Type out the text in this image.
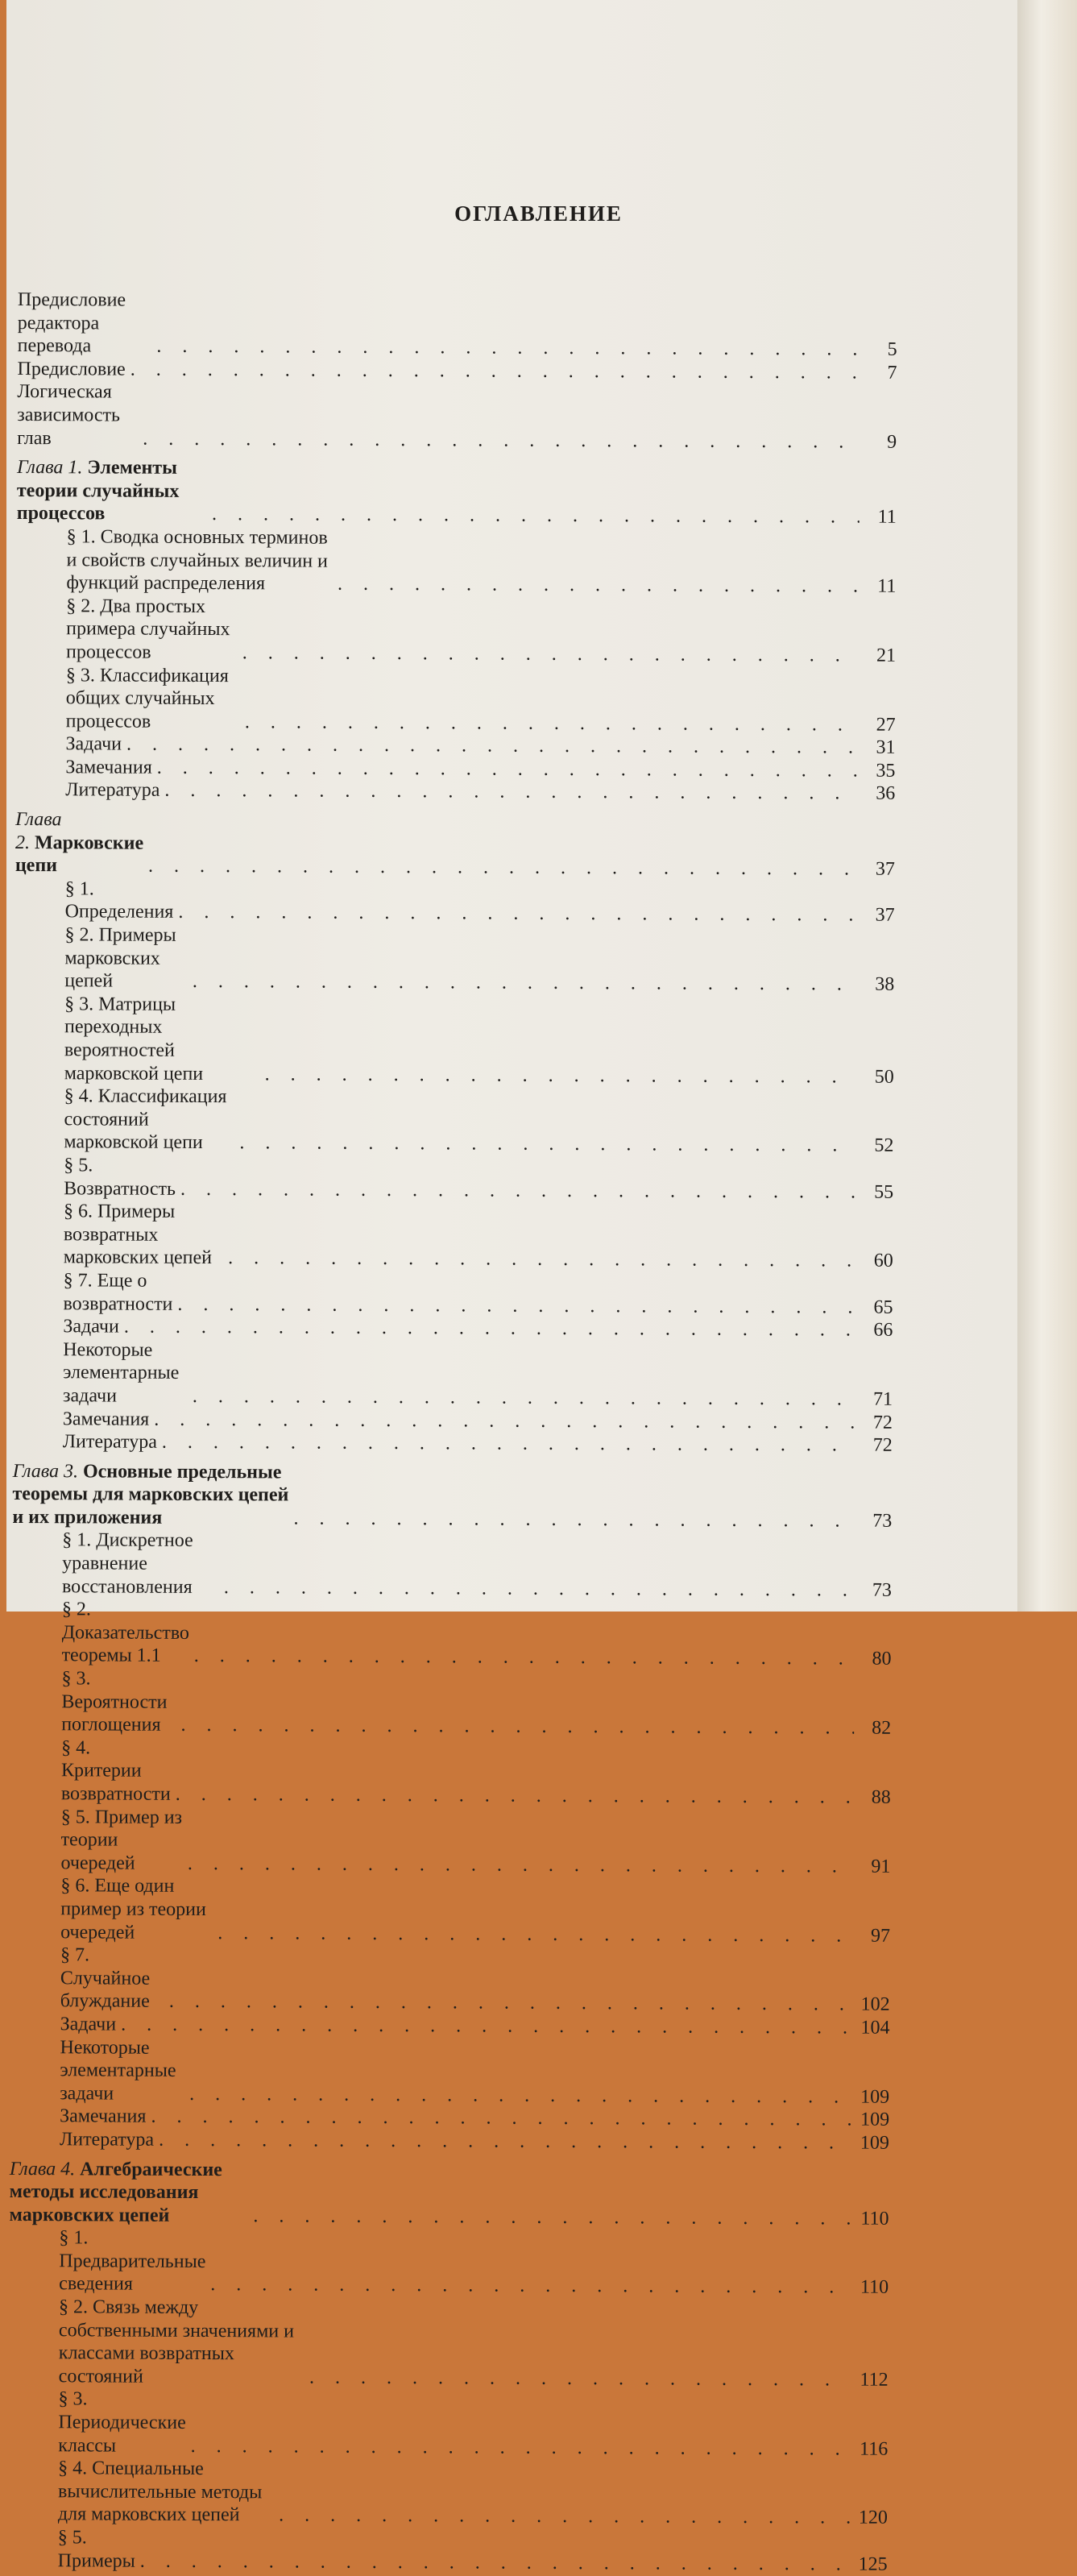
ОГЛАВЛЕНИЕ
Предисловие редактора перевода . . .	5
Предисловие . . .	7
Логическая зависимость глав . . .	9
Глава 1. Элементы теории случайных процессов . . .	11
§ 1. Сводка основных терминов и свойств случайных величин и функций распределения . . .	11
§ 2. Два простых примера случайных процессов . . .	21
§ 3. Классификация общих случайных процессов . . .	27
Задачи . . .	31
Замечания . . .	35
Литература . . .	36
Глава 2. Марковские цепи . . .	37
§ 1. Определения . . .	37
§ 2. Примеры марковских цепей . . .	38
§ 3. Матрицы переходных вероятностей марковской цепи . . .	50
§ 4. Классификация состояний марковской цепи . . .	52
§ 5. Возвратность . . .	55
§ 6. Примеры возвратных марковских цепей . . .	60
§ 7. Еще о возвратности . . .	65
Задачи . . .	66
Некоторые элементарные задачи . . .	71
Замечания . . .	72
Литература . . .	72
Глава 3. Основные предельные теоремы для марковских цепей и их приложения . . .	73
§ 1. Дискретное уравнение восстановления . . .	73
§ 2. Доказательство теоремы 1.1 . . .	80
§ 3. Вероятности поглощения . . .	82
§ 4. Критерии возвратности . . .	88
§ 5. Пример из теории очередей . . .	91
§ 6. Еще один пример из теории очередей . . .	97
§ 7. Случайное блуждание . . .	102
Задачи . . .	104
Некоторые элементарные задачи . . .	109
Замечания . . .	109
Литература . . .	109
Глава 4. Алгебраические методы исследования марковских цепей . . .	110
§ 1. Предварительные сведения . . .	110
§ 2. Связь между собственными значениями и классами возвратных состояний . . .	112
§ 3. Периодические классы . . .	116
§ 4. Специальные вычислительные методы для марковских цепей . . .	120
§ 5. Примеры . . .	125
